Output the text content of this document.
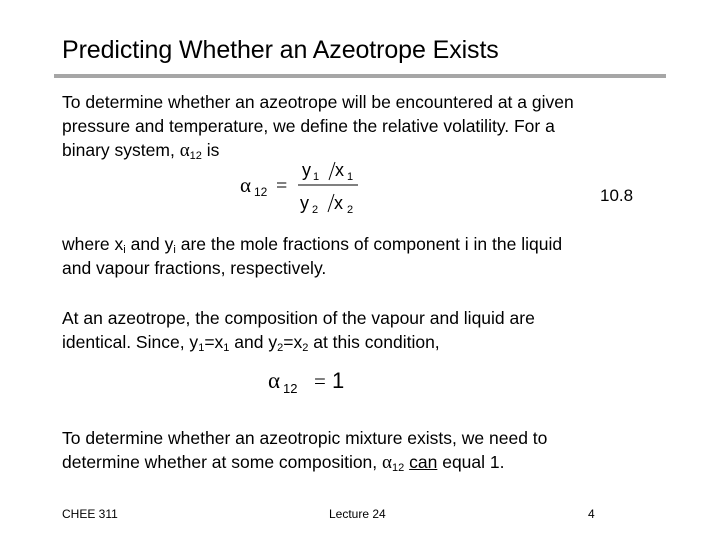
Predicting Whether an Azeotrope Exists
To determine whether an azeotrope will be encountered at a given
pressure and temperature, we define the relative volatility. For a
binary system, $\alpha_{12}$ is
α 12 =
y 1 x 1
y 2 x 2
10.8
where $x_i$ and $y_i$ are the mole fractions of component i in the liquid
and vapour fractions, respectively.
At an azeotrope, the composition of the vapour and liquid are
identical. Since, $y_1=x_1$ and $y_2=x_2$ at this condition,
α 12 = 1
To determine whether an azeotropic mixture exists, we need to
determine whether at some composition, $\alpha_{12}$ can equal 1.
CHEE 311	Lecture 24	4
